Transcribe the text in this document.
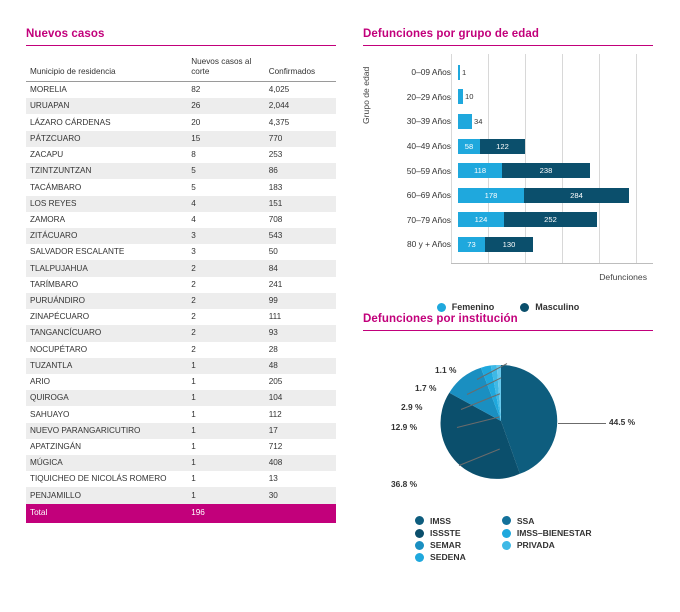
Nuevos casos
Municipio de residencia	Nuevos casos al corte	Confirmados
MORELIA	82	4,025
URUAPAN	26	2,044
LÁZARO CÁRDENAS	20	4,375
PÁTZCUARO	15	770
ZACAPU	8	253
TZINTZUNTZAN	5	86
TACÁMBARO	5	183
LOS REYES	4	151
ZAMORA	4	708
ZITÁCUARO	3	543
SALVADOR ESCALANTE	3	50
TLALPUJAHUA	2	84
TARÍMBARO	2	241
PURUÁNDIRO	2	99
ZINAPÉCUARO	2	111
TANGANCÍCUARO	2	93
NOCUPÉTARO	2	28
TUZANTLA	1	48
ARIO	1	205
QUIROGA	1	104
SAHUAYO	1	112
NUEVO PARANGARICUTIRO	1	17
APATZINGÁN	1	712
MÚGICA	1	408
TIQUICHEO DE NICOLÁS ROMERO	1	13
PENJAMILLO	1	30
Total	196	
Defunciones por grupo de edad
Grupo de edad	0–09 Años	1
20–29 Años	10
30–39 Años	34
40–49 Años	58	122
50–59 Años	118	238
60–69 Años	178	284
70–79 Años	124	252
80 y + Años	73	130
Defunciones
Femenino	Masculino
Defunciones por institución
44.5 %
36.8 %
12.9 %
2.9 %
1.7 %
1.1 %
IMSS
ISSSTE
SEMAR
SEDENA
SSA
IMSS–BIENESTAR
PRIVADA
